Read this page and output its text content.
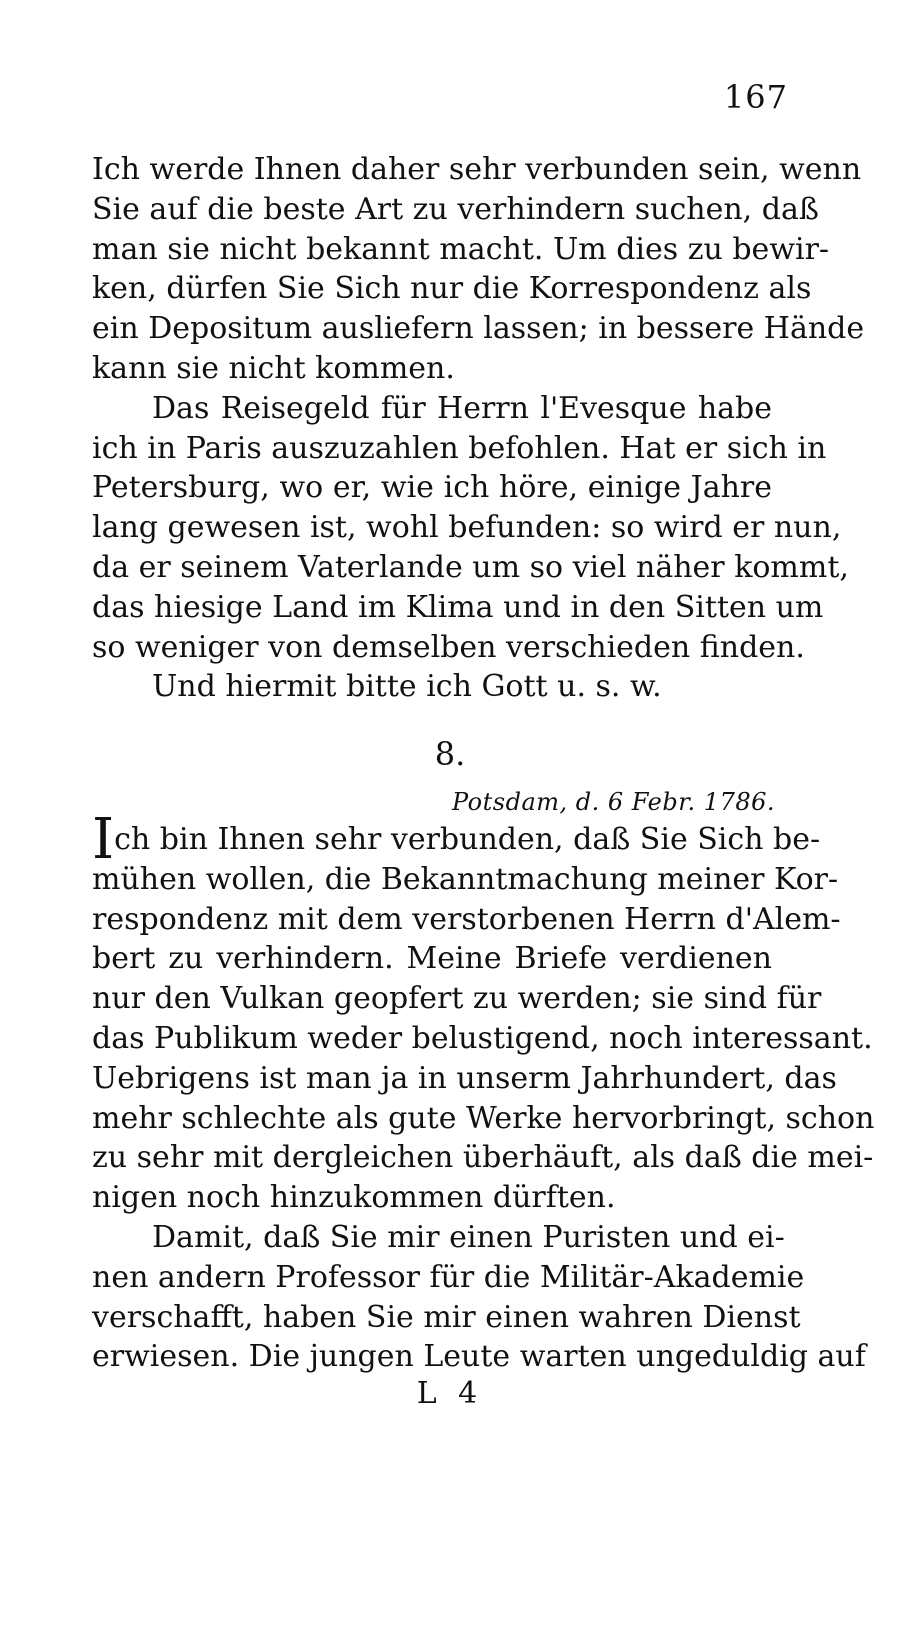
167
Ich werde Ihnen daher sehr verbunden sein, wenn
Sie auf die beste Art zu verhindern suchen, daß
man sie nicht bekannt macht. Um dies zu bewir-
ken, dürfen Sie Sich nur die Korrespondenz als
ein Depositum ausliefern lassen; in bessere Hände
kann sie nicht kommen.
Das Reisegeld für Herrn l'Evesque habe
ich in Paris auszuzahlen befohlen. Hat er sich in
Petersburg, wo er, wie ich höre, einige Jahre
lang gewesen ist, wohl befunden: so wird er nun,
da er seinem Vaterlande um so viel näher kommt,
das hiesige Land im Klima und in den Sitten um
so weniger von demselben verschieden finden.
Und hiermit bitte ich Gott u. s. w.
8.
Potsdam, d. 6 Febr. 1786.
Ich bin Ihnen sehr verbunden, daß Sie Sich be-
mühen wollen, die Bekanntmachung meiner Kor-
respondenz mit dem verstorbenen Herrn d'Alem-
bert zu verhindern. Meine Briefe verdienen
nur den Vulkan geopfert zu werden; sie sind für
das Publikum weder belustigend, noch interessant.
Uebrigens ist man ja in unserm Jahrhundert, das
mehr schlechte als gute Werke hervorbringt, schon
zu sehr mit dergleichen überhäuft, als daß die mei-
nigen noch hinzukommen dürften.
Damit, daß Sie mir einen Puristen und ei-
nen andern Professor für die Militär-Akademie
verschafft, haben Sie mir einen wahren Dienst
erwiesen. Die jungen Leute warten ungeduldig auf
L 4
